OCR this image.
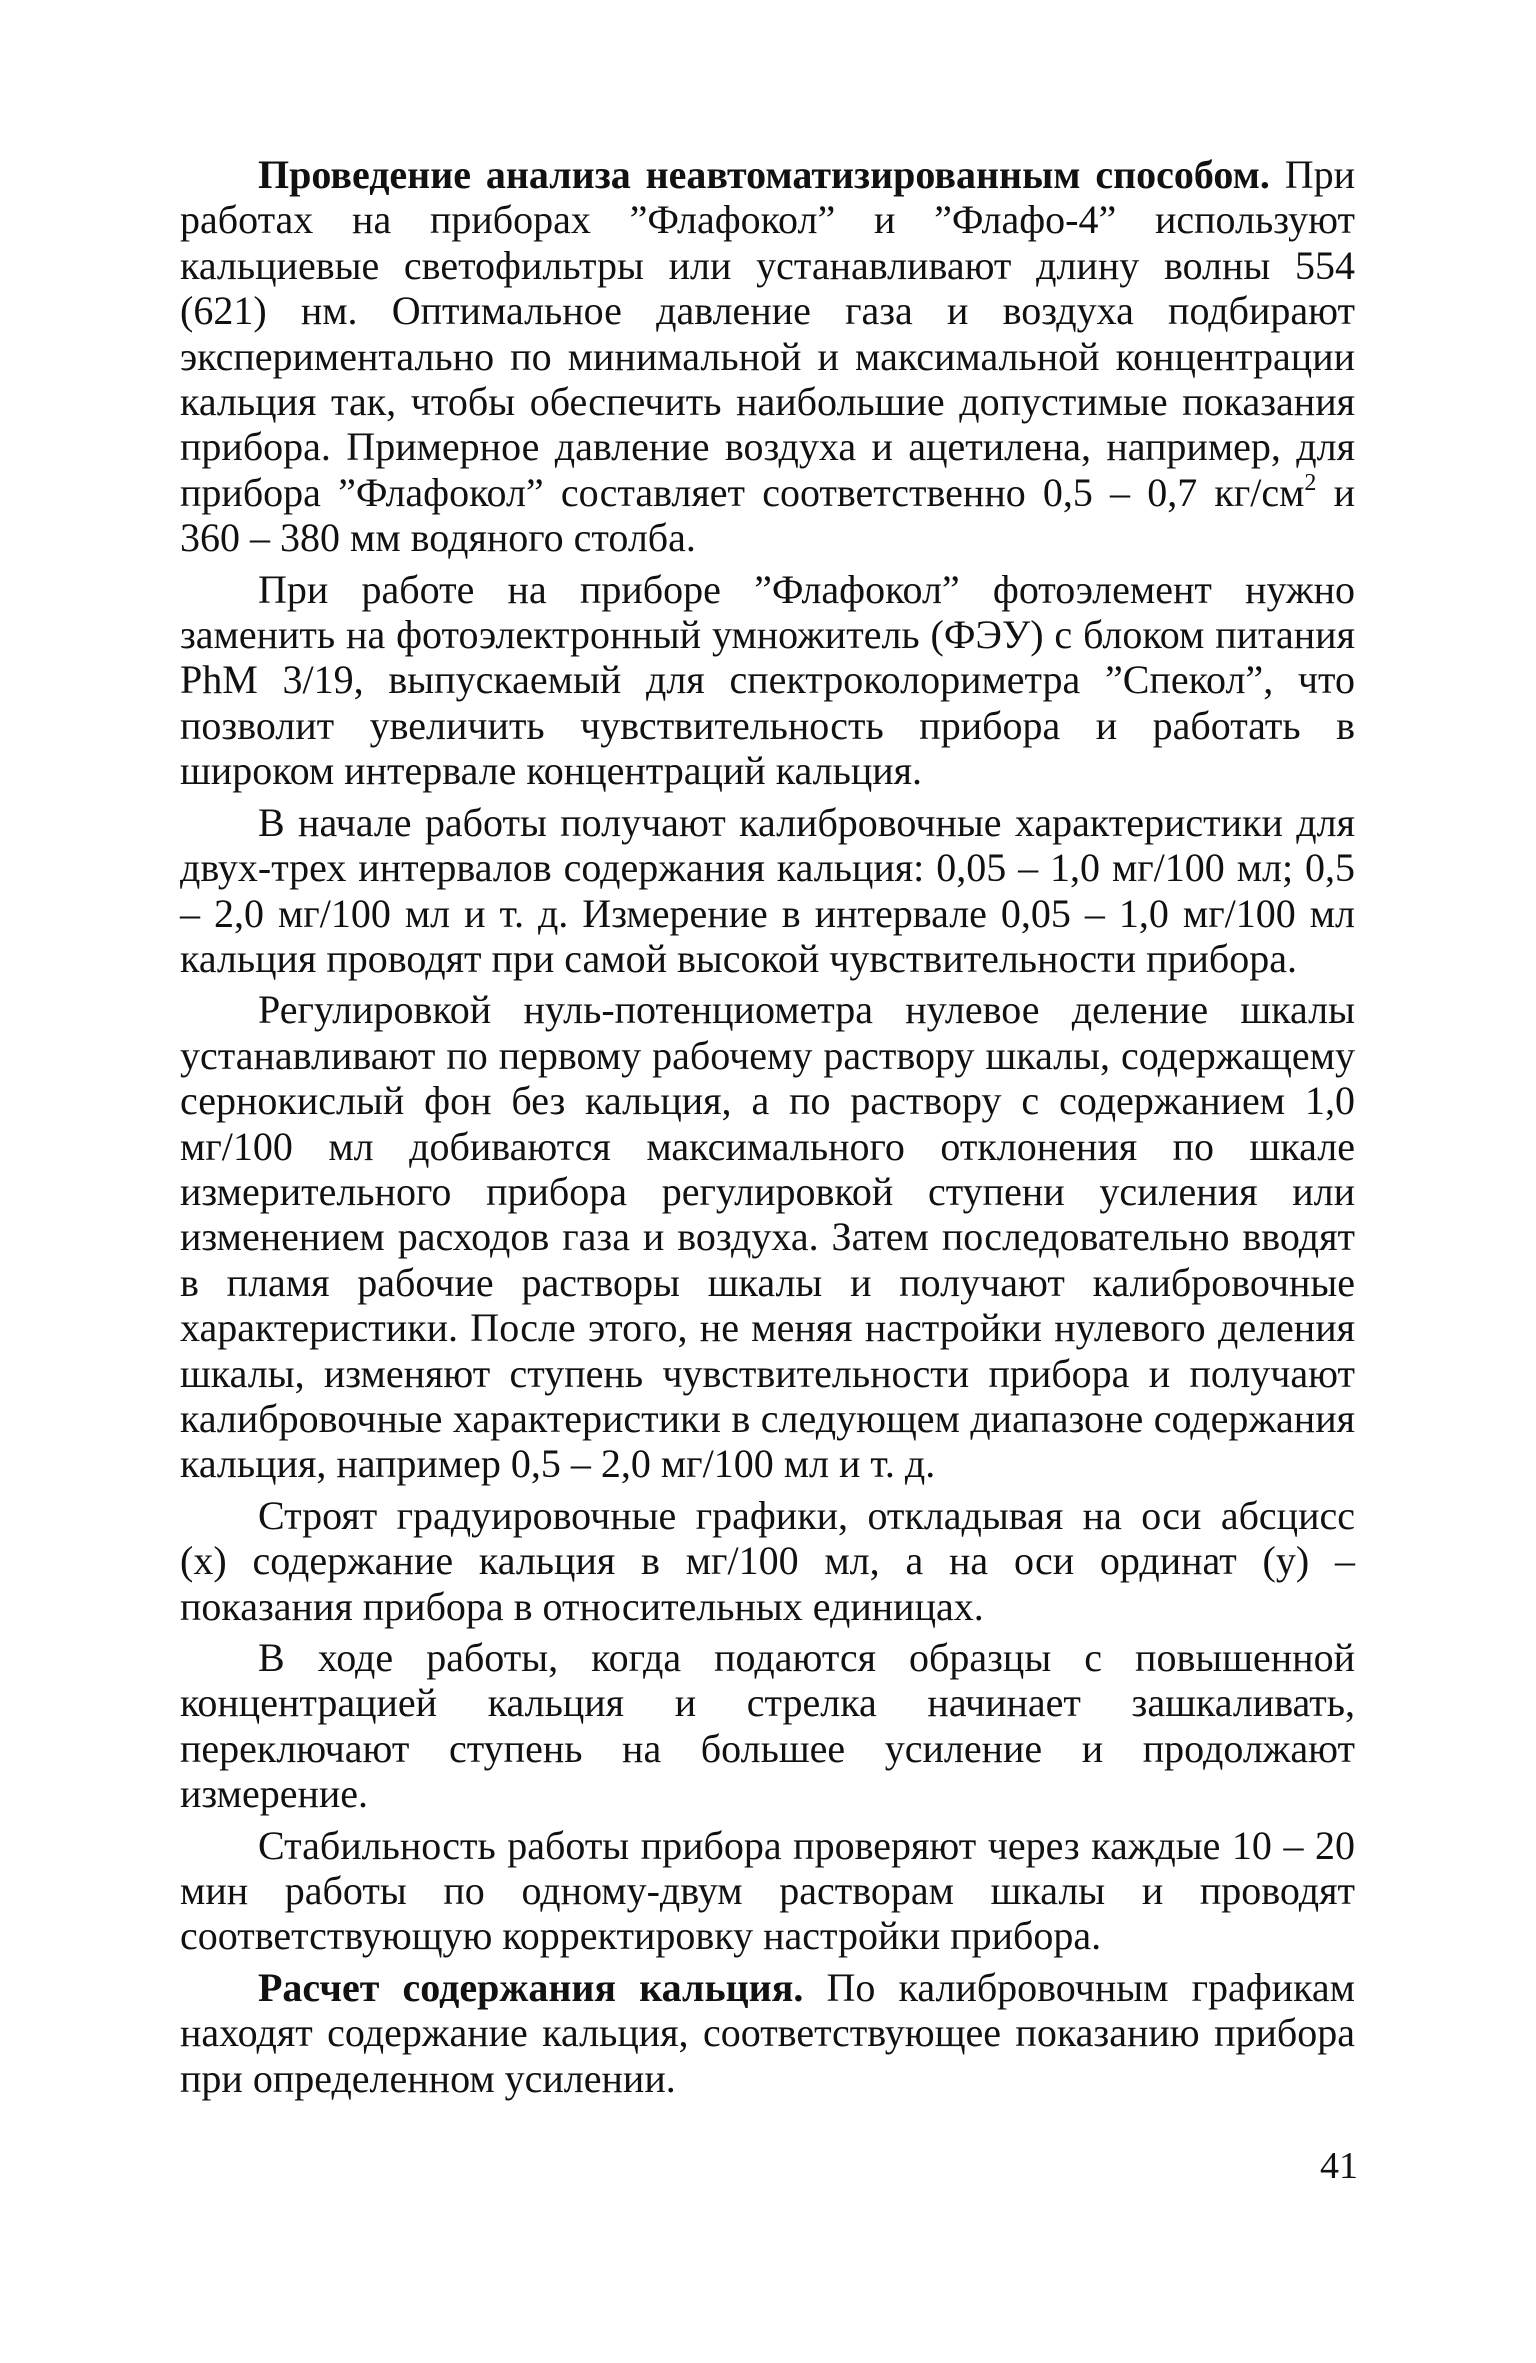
Проведение анализа неавтоматизированным способом. При работах на приборах ”Флафокол” и ”Флафо-4” используют кальциевые светофильтры или устанавливают длину волны 554 (621) нм. Оптимальное давление газа и воздуха подбирают экспериментально по минимальной и максимальной концентрации кальция так, чтобы обеспечить наибольшие допустимые показания прибора. Примерное давление воздуха и ацетилена, например, для прибора ”Флафокол” составляет соответственно 0,5 – 0,7 $кг/см^2$ и 360 – 380 мм водяного столба.

При работе на приборе ”Флафокол” фотоэлемент нужно заменить на фотоэлектронный умножитель (ФЭУ) с блоком питания PhM 3/19, выпускаемый для спектроколориметра ”Спекол”, что позволит увеличить чувствительность прибора и работать в широком интервале концентраций кальция.

В начале работы получают калибровочные характеристики для двух-трех интервалов содержания кальция: 0,05 – 1,0 мг/100 мл; 0,5 – 2,0 мг/100 мл и т. д. Измерение в интервале 0,05 – 1,0 мг/100 мл кальция проводят при самой высокой чувствительности прибора.

Регулировкой нуль-потенциометра нулевое деление шкалы устанавливают по первому рабочему раствору шкалы, содержащему сернокислый фон без кальция, а по раствору с содержанием 1,0 мг/100 мл добиваются максимального отклонения по шкале измерительного прибора регулировкой ступени усиления или изменением расходов газа и воздуха. Затем последовательно вводят в пламя рабочие растворы шкалы и получают калибровочные характеристики. После этого, не меняя настройки нулевого деления шкалы, изменяют ступень чувствительности прибора и получают калибровочные характеристики в следующем диапазоне содержания кальция, например 0,5 – 2,0 мг/100 мл и т. д.

Строят градуировочные графики, откладывая на оси абсцисс (x) содержание кальция в мг/100 мл, а на оси ординат (y) – показания прибора в относительных единицах.

В ходе работы, когда подаются образцы с повышенной концентрацией кальция и стрелка начинает зашкаливать, переключают ступень на большее усиление и продолжают измерение.

Стабильность работы прибора проверяют через каждые 10 – 20 мин работы по одному-двум растворам шкалы и проводят соответствующую корректировку настройки прибора.

Расчет содержания кальция. По калибровочным графикам находят содержание кальция, соответствующее показанию прибора при определенном усилении.

41
